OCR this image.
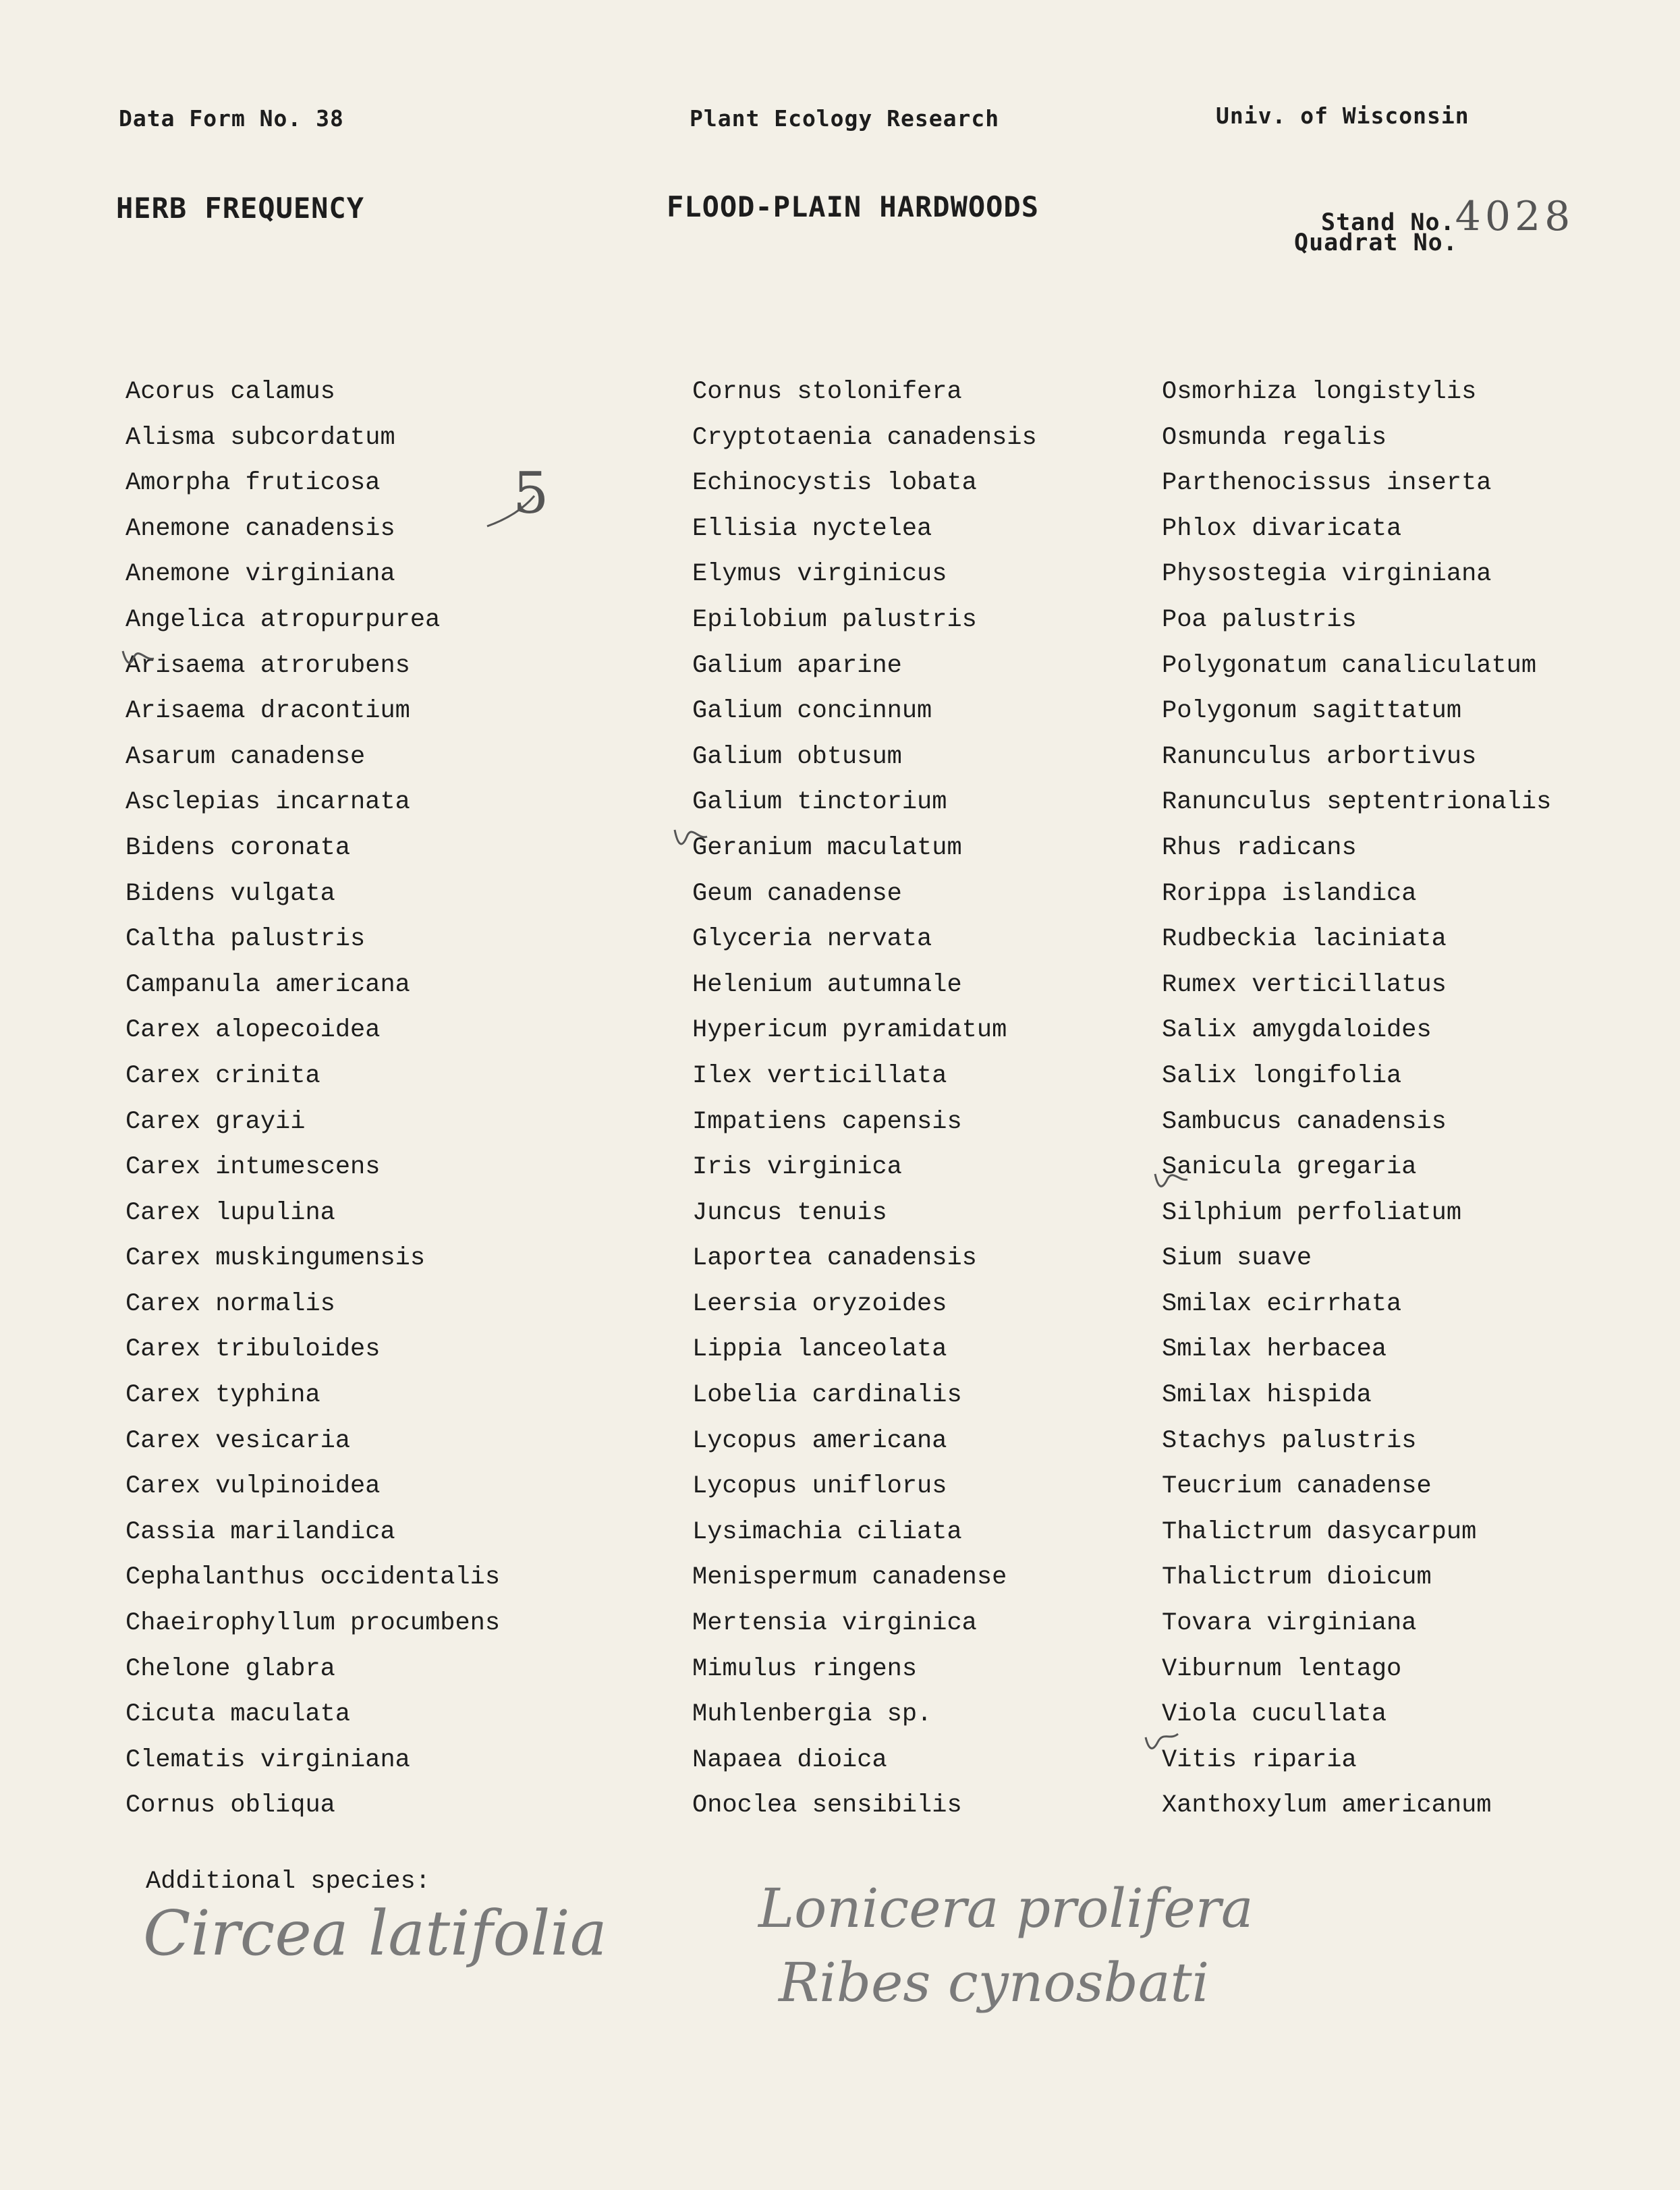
Data Form No. 38	Plant Ecology Research	Univ. of Wisconsin
HERB FREQUENCY	FLOOD-PLAIN HARDWOODS	Stand No.4028
Quadrat No.
Acorus calamus
Alisma subcordatum
Amorpha fruticosa
Anemone canadensis
Anemone virginiana
Angelica atropurpurea
Arisaema atrorubens
Arisaema dracontium
Asarum canadense
Asclepias incarnata
Bidens coronata
Bidens vulgata
Caltha palustris
Campanula americana
Carex alopecoidea
Carex crinita
Carex grayii
Carex intumescens
Carex lupulina
Carex muskingumensis
Carex normalis
Carex tribuloides
Carex typhina
Carex vesicaria
Carex vulpinoidea
Cassia marilandica
Cephalanthus occidentalis
Chaeirophyllum procumbens
Chelone glabra
Cicuta maculata
Clematis virginiana
Cornus obliqua
Cornus stolonifera
Cryptotaenia canadensis
Echinocystis lobata
Ellisia nyctelea
Elymus virginicus
Epilobium palustris
Galium aparine
Galium concinnum
Galium obtusum
Galium tinctorium
Geranium maculatum
Geum canadense
Glyceria nervata
Helenium autumnale
Hypericum pyramidatum
Ilex verticillata
Impatiens capensis
Iris virginica
Juncus tenuis
Laportea canadensis
Leersia oryzoides
Lippia lanceolata
Lobelia cardinalis
Lycopus americana
Lycopus uniflorus
Lysimachia ciliata
Menispermum canadense
Mertensia virginica
Mimulus ringens
Muhlenbergia sp.
Napaea dioica
Onoclea sensibilis
Osmorhiza longistylis
Osmunda regalis
Parthenocissus inserta
Phlox divaricata
Physostegia virginiana
Poa palustris
Polygonatum canaliculatum
Polygonum sagittatum
Ranunculus arbortivus
Ranunculus septentrionalis
Rhus radicans
Rorippa islandica
Rudbeckia laciniata
Rumex verticillatus
Salix amygdaloides
Salix longifolia
Sambucus canadensis
Sanicula gregaria
Silphium perfoliatum
Sium suave
Smilax ecirrhata
Smilax herbacea
Smilax hispida
Stachys palustris
Teucrium canadense
Thalictrum dasycarpum
Thalictrum dioicum
Tovara virginiana
Viburnum lentago
Viola cucullata
Vitis riparia
Xanthoxylum americanum
5
Additional species:
Circea latifolia	Lonicera prolifera
Ribes cynosbati
